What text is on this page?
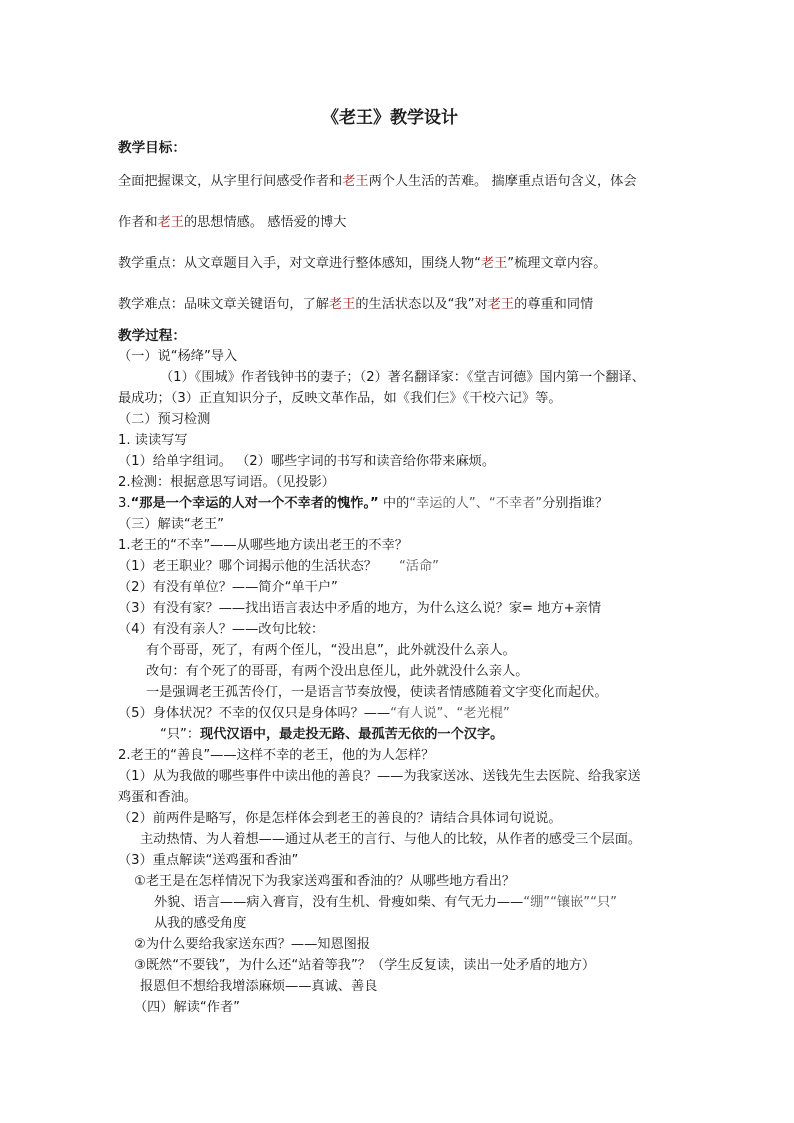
《老王》教学设计
教学目标：
全面把握课文，从字里行间感受作者和老王两个人生活的苦难。 揣摩重点语句含义，体会
作者和老王的思想情感。 感悟爱的博大
教学重点：从文章题目入手，对文章进行整体感知，围绕人物“老王”梳理文章内容。
教学难点：品味文章关键语句，了解老王的生活状态以及“我”对老王的尊重和同情
教学过程：
（一）说“杨绛”导入
（1）《围城》作者钱钟书的妻子；（2）著名翻译家：《堂吉诃德》国内第一个翻译、
最成功；（3）正直知识分子，反映文革作品，如《我们仨》《干校六记》等。
（二）预习检测
1. 读读写写
（1）给单字组词。 （2）哪些字词的书写和读音给你带来麻烦。
2.检测：根据意思写词语。（见投影）
3.“那是一个幸运的人对一个不幸者的愧怍。” 中的“幸运的人”、“不幸者”分别指谁？
（三）解读“老王”
1.老王的“不幸”——从哪些地方读出老王的不幸？
（1）老王职业？哪个词揭示他的生活状态？ “活命”
（2）有没有单位？——简介“单干户”
（3）有没有家？——找出语言表达中矛盾的地方，为什么这么说？家= 地方+亲情
（4）有没有亲人？——改句比较：
有个哥哥，死了，有两个侄儿，“没出息”，此外就没什么亲人。
改句：有个死了的哥哥，有两个没出息侄儿，此外就没什么亲人。
一是强调老王孤苦伶仃，一是语言节奏放慢，使读者情感随着文字变化而起伏。
（5）身体状况？不幸的仅仅只是身体吗？——“有人说”、“老光棍”
“只”：现代汉语中，最走投无路、最孤苦无依的一个汉字。
2.老王的“善良”——这样不幸的老王，他的为人怎样？
（1）从为我做的哪些事件中读出他的善良？——为我家送冰、送钱先生去医院、给我家送
鸡蛋和香油。
（2）前两件是略写，你是怎样体会到老王的善良的？请结合具体词句说说。
主动热情、为人着想——通过从老王的言行、与他人的比较，从作者的感受三个层面。
（3）重点解读“送鸡蛋和香油”
①老王是在怎样情况下为我家送鸡蛋和香油的？从哪些地方看出？
外貌、语言——病入膏肓，没有生机、骨瘦如柴、有气无力——“绷”“镶嵌”“只”
从我的感受角度
②为什么要给我家送东西？——知恩图报
③既然“不要钱”，为什么还“站着等我”？（学生反复读，读出一处矛盾的地方）
报恩但不想给我增添麻烦——真诚、善良
（四）解读“作者”
